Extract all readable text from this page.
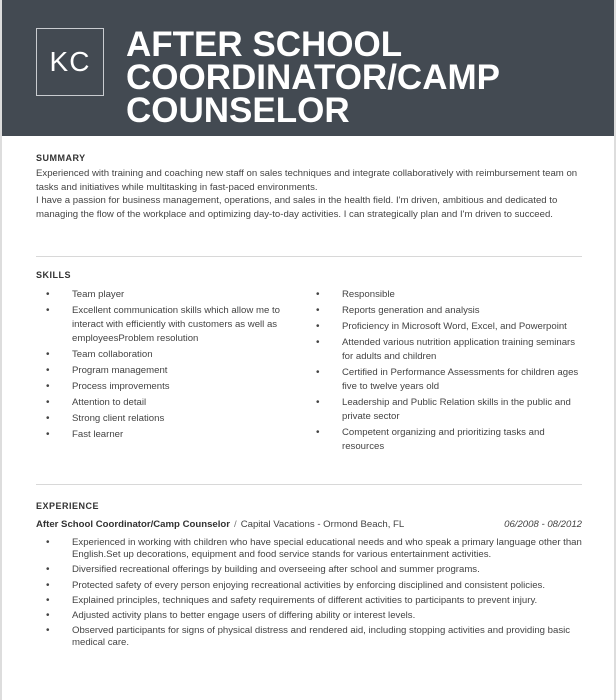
KC	AFTER SCHOOL COORDINATOR/CAMP COUNSELOR
SUMMARY

Experienced with training and coaching new staff on sales techniques and integrate collaboratively with reimbursement team on tasks and initiatives while multitasking in fast-paced environments.

I have a passion for business management, operations, and sales in the health field. I'm driven, ambitious and dedicated to managing the flow of the workplace and optimizing day-to-day activities. I can strategically plan and I'm driven to succeed.

SKILLS
• Team player
• Excellent communication skills which allow me to interact with efficiently with customers as well as employeesProblem resolution
• Team collaboration
• Program management
• Process improvements
• Attention to detail
• Strong client relations
• Fast learner
• Responsible
• Reports generation and analysis
• Proficiency in Microsoft Word, Excel, and Powerpoint
• Attended various nutrition application training seminars for adults and children
• Certified in Performance Assessments for children ages five to twelve years old
• Leadership and Public Relation skills in the public and private sector
• Competent organizing and prioritizing tasks and resources
EXPERIENCE
After School Coordinator/Camp Counselor / Capital Vacations - Ormond Beach, FL	06/2008 - 08/2012
• Experienced in working with children who have special educational needs and who speak a primary language other than English.Set up decorations, equipment and food service stands for various entertainment activities.
• Diversified recreational offerings by building and overseeing after school and summer programs.
• Protected safety of every person enjoying recreational activities by enforcing disciplined and consistent policies.
• Explained principles, techniques and safety requirements of different activities to participants to prevent injury.
• Adjusted activity plans to better engage users of differing ability or interest levels.
• Observed participants for signs of physical distress and rendered aid, including stopping activities and providing basic medical care.
